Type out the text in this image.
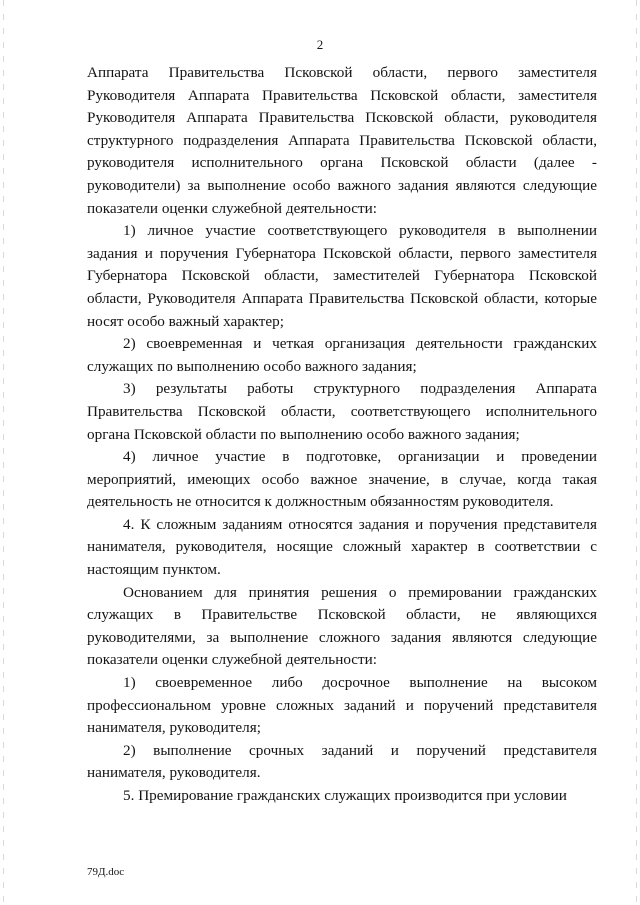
2

Аппарата Правительства Псковской области, первого заместителя Руководителя Аппарата Правительства Псковской области, заместителя Руководителя Аппарата Правительства Псковской области, руководителя структурного подразделения Аппарата Правительства Псковской области, руководителя исполнительного органа Псковской области (далее - руководители) за выполнение особо важного задания являются следующие показатели оценки служебной деятельности:

1) личное участие соответствующего руководителя в выполнении задания и поручения Губернатора Псковской области, первого заместителя Губернатора Псковской области, заместителей Губернатора Псковской области, Руководителя Аппарата Правительства Псковской области, которые носят особо важный характер;

2) своевременная и четкая организация деятельности гражданских служащих по выполнению особо важного задания;

3) результаты работы структурного подразделения Аппарата Правительства Псковской области, соответствующего исполнительного органа Псковской области по выполнению особо важного задания;

4) личное участие в подготовке, организации и проведении мероприятий, имеющих особо важное значение, в случае, когда такая деятельность не относится к должностным обязанностям руководителя.

4. К сложным заданиям относятся задания и поручения представителя нанимателя, руководителя, носящие сложный характер в соответствии с настоящим пунктом.

Основанием для принятия решения о премировании гражданских служащих в Правительстве Псковской области, не являющихся руководителями, за выполнение сложного задания являются следующие показатели оценки служебной деятельности:

1) своевременное либо досрочное выполнение на высоком профессиональном уровне сложных заданий и поручений представителя нанимателя, руководителя;

2) выполнение срочных заданий и поручений представителя нанимателя, руководителя.

5. Премирование гражданских служащих производится при условии

79Д.doc
